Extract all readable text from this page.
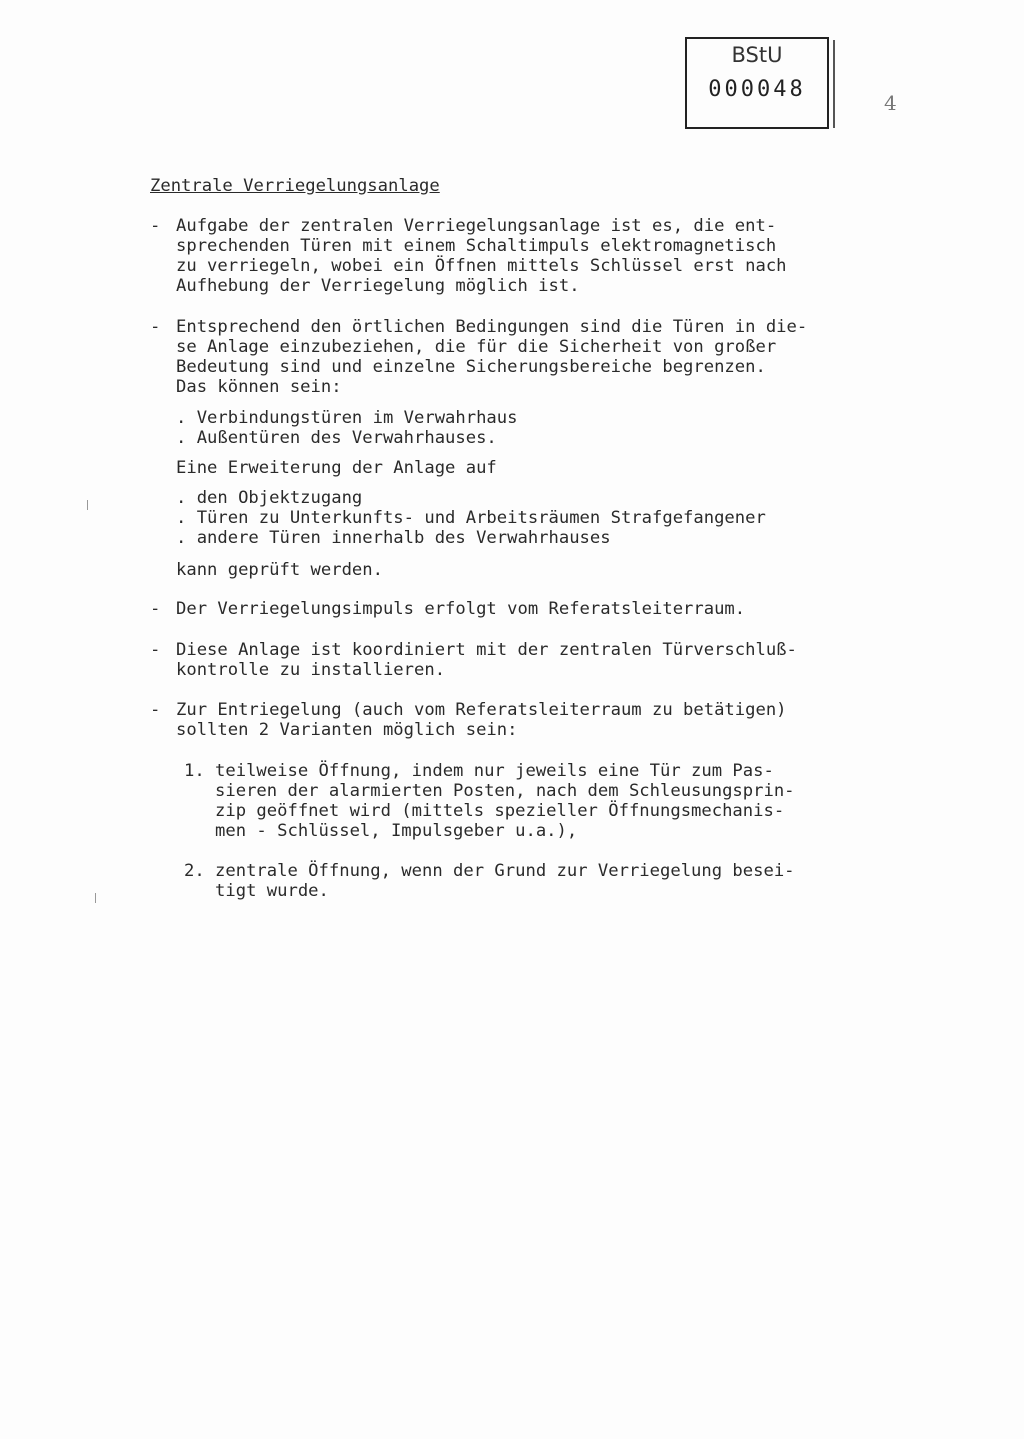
BStU
000048
4
Zentrale Verriegelungsanlage
- Aufgabe der zentralen Verriegelungsanlage ist es, die ent-
sprechenden Türen mit einem Schaltimpuls elektromagnetisch
zu verriegeln, wobei ein Öffnen mittels Schlüssel erst nach
Aufhebung der Verriegelung möglich ist.
- Entsprechend den örtlichen Bedingungen sind die Türen in die-
se Anlage einzubeziehen, die für die Sicherheit von großer
Bedeutung sind und einzelne Sicherungsbereiche begrenzen.
Das können sein:
. Verbindungstüren im Verwahrhaus
. Außentüren des Verwahrhauses.
Eine Erweiterung der Anlage auf
. den Objektzugang
. Türen zu Unterkunfts- und Arbeitsräumen Strafgefangener
. andere Türen innerhalb des Verwahrhauses
kann geprüft werden.
- Der Verriegelungsimpuls erfolgt vom Referatsleiterraum.
- Diese Anlage ist koordiniert mit der zentralen Türverschluß-
kontrolle zu installieren.
- Zur Entriegelung (auch vom Referatsleiterraum zu betätigen)
sollten 2 Varianten möglich sein:
1. teilweise Öffnung, indem nur jeweils eine Tür zum Pas-
sieren der alarmierten Posten, nach dem Schleusungsprin-
zip geöffnet wird (mittels spezieller Öffnungsmechanis-
men - Schlüssel, Impulsgeber u.a.),
2. zentrale Öffnung, wenn der Grund zur Verriegelung besei-
tigt wurde.
